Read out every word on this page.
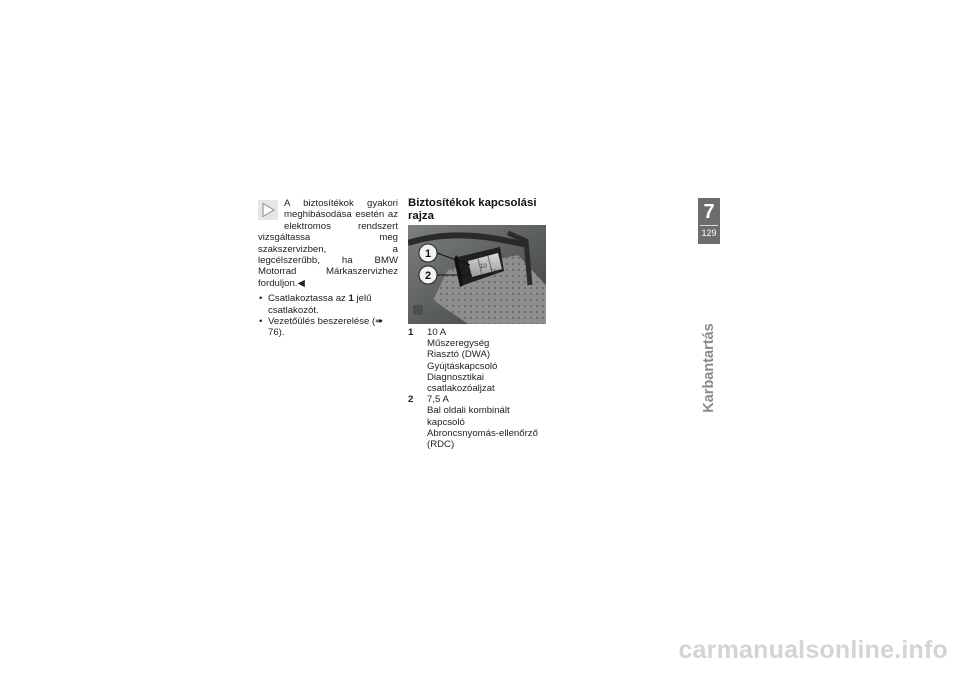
A biztosítékok gyakori meghibásodása esetén az elektromos rendszert vizsgáltassa meg szakszervizben, a legcélszerűbb, ha BMW Motorrad Márkaszervizhez forduljon.◀

• Csatlakoztassa az 1 jelű csatlakozót.
• Vezetőülés beszerelése (➠ 76).
Biztosítékok kapcsolási rajza
10
7.5
1
2
1	10 A
Műszeregység
Riasztó (DWA)
Gyújtáskapcsoló
Diagnosztikai csatlakozóaljzat
2	7,5 A
Bal oldali kombinált kapcsoló
Abroncsnyomás-ellenőrző (RDC)
7
129
Karbantartás
carmanualsonline.info
